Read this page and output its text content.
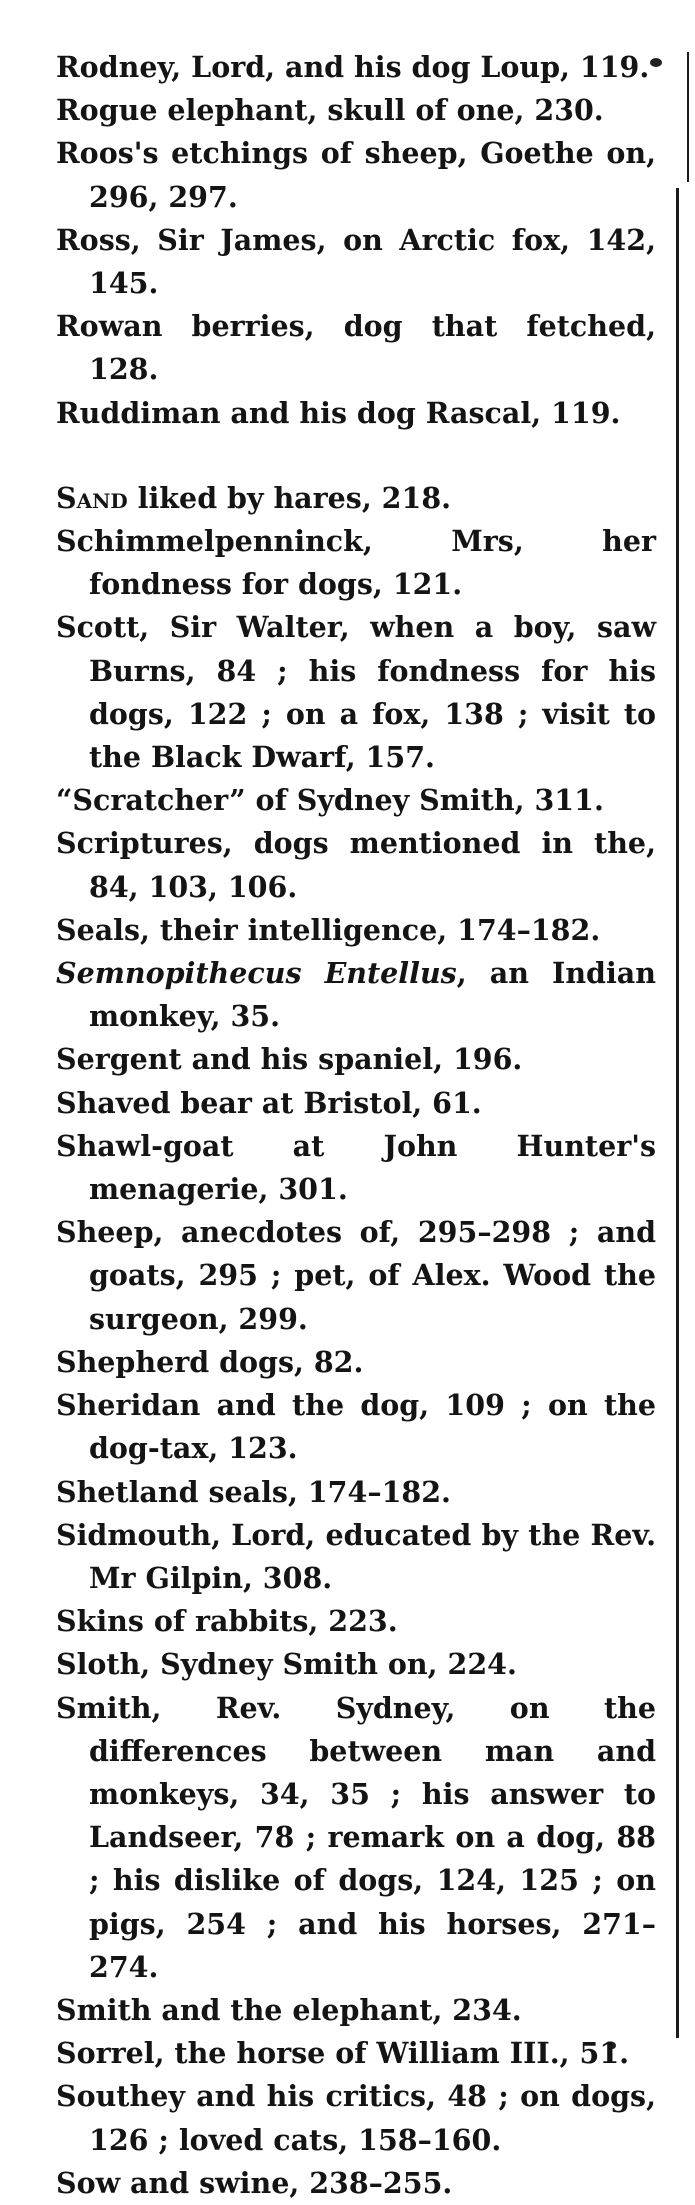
Rodney, Lord, and his dog Loup, 119.
Rogue elephant, skull of one, 230.
Roos's etchings of sheep, Goethe on, 296, 297.
Ross, Sir James, on Arctic fox, 142, 145.
Rowan berries, dog that fetched, 128.
Ruddiman and his dog Rascal, 119.
Sand liked by hares, 218.
Schimmelpenninck, Mrs, her fondness for dogs, 121.
Scott, Sir Walter, when a boy, saw Burns, 84 ; his fondness for his dogs, 122 ; on a fox, 138 ; visit to the Black Dwarf, 157.
“Scratcher” of Sydney Smith, 311.
Scriptures, dogs mentioned in the, 84, 103, 106.
Seals, their intelligence, 174–182.
Semnopithecus Entellus, an Indian monkey, 35.
Sergent and his spaniel, 196.
Shaved bear at Bristol, 61.
Shawl-goat at John Hunter's menagerie, 301.
Sheep, anecdotes of, 295–298 ; and goats, 295 ; pet, of Alex. Wood the surgeon, 299.
Shepherd dogs, 82.
Sheridan and the dog, 109 ; on the dog-tax, 123.
Shetland seals, 174–182.
Sidmouth, Lord, educated by the Rev. Mr Gilpin, 308.
Skins of rabbits, 223.
Sloth, Sydney Smith on, 224.
Smith, Rev. Sydney, on the differences between man and monkeys, 34, 35 ; his answer to Landseer, 78 ; remark on a dog, 88 ; his dislike of dogs, 124, 125 ; on pigs, 254 ; and his horses, 271–274.
Smith and the elephant, 234.
Sorrel, the horse of William III., 51.
Southey and his critics, 48 ; on dogs, 126 ; loved cats, 158–160.
Sow and swine, 238–255.
